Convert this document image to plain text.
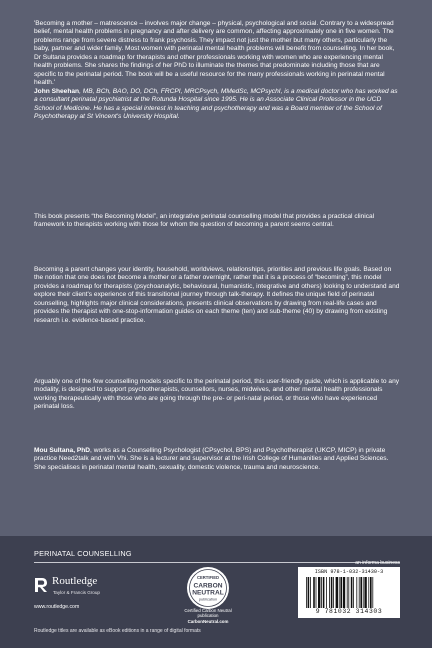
'Becoming a mother – matrescence – involves major change – physical, psychological and social. Contrary to a widespread belief, mental health problems in pregnancy and after delivery are common, affecting approximately one in five women. The problems range from severe distress to frank psychosis. They impact not just the mother but many others, particularly the baby, partner and wider family. Most women with perinatal mental health problems will benefit from counselling. In her book, Dr Sultana provides a roadmap for therapists and other professionals working with women who are experiencing mental health problems. She shares the findings of her PhD to illuminate the themes that predominate including those that are specific to the perinatal period. The book will be a useful resource for the many professionals working in perinatal mental health.'
John Sheehan, MB, BCh, BAO, DO, DCh, FRCPI, MRCPsych, MMedSc, MCPsychI, is a medical doctor who has worked as a consultant perinatal psychiatrist at the Rotunda Hospital since 1995. He is an Associate Clinical Professor in the UCD School of Medicine. He has a special interest in teaching and psychotherapy and was a Board member of the School of Psychotherapy at St Vincent's University Hospital.

This book presents “the Becoming Model”, an integrative perinatal counselling model that provides a practical clinical framework to therapists working with those for whom the question of becoming a parent seems central.

Becoming a parent changes your identity, household, worldviews, relationships, priorities and previous life goals. Based on the notion that one does not become a mother or a father overnight, rather that it is a process of “becoming”, this model provides a roadmap for therapists (psychoanalytic, behavioural, humanistic, integrative and others) looking to understand and explore their client's experience of this transitional journey through talk-therapy. It defines the unique field of perinatal counselling, highlights major clinical considerations, presents clinical observations by drawing from real-life cases and provides the therapist with one-stop-information guides on each theme (ten) and sub-theme (40) by drawing from existing research i.e. evidence-based practice.

Arguably one of the few counselling models specific to the perinatal period, this user-friendly guide, which is applicable to any modality, is designed to support psychotherapists, counsellors, nurses, midwives, and other mental health professionals working therapeutically with those who are going through the pre- or peri-natal period, or those who have experienced perinatal loss.

Mou Sultana, PhD, works as a Counselling Psychologist (CPsychol, BPS) and Psychotherapist (UKCP, MICP) in private practice Need2talk and with Vhi. She is a lecturer and supervisor at the Irish College of Humanities and Applied Sciences. She specialises in perinatal mental health, sexuality, domestic violence, trauma and neuroscience.

PERINATAL COUNSELLING
Routledge
Taylor & Francis Group
www.routledge.com
Routledge titles are available as eBook editions in a range of digital formats
CERTIFIED
CARBON
NEUTRAL
publication
Certified Carbon Neutral
publication
CarbonNeutral.com
an informa business
ISBN 978-1-032-31430-3
9 781032 314303
